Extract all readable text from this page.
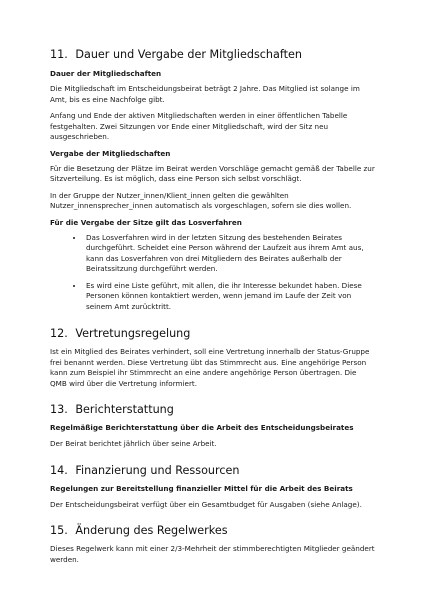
11. Dauer und Vergabe der Mitgliedschaften

Dauer der Mitgliedschaften

Die Mitgliedschaft im Entscheidungsbeirat beträgt 2 Jahre. Das Mitglied ist solange im Amt, bis es eine Nachfolge gibt.

Anfang und Ende der aktiven Mitgliedschaften werden in einer öffentlichen Tabelle festgehalten. Zwei Sitzungen vor Ende einer Mitgliedschaft, wird der Sitz neu ausgeschrieben.

Vergabe der Mitgliedschaften

Für die Besetzung der Plätze im Beirat werden Vorschläge gemacht gemäß der Tabelle zur Sitzverteilung. Es ist möglich, dass eine Person sich selbst vorschlägt.

In der Gruppe der Nutzer_innen/Klient_innen gelten die gewählten Nutzer_innensprecher_innen automatisch als vorgeschlagen, sofern sie dies wollen.

Für die Vergabe der Sitze gilt das Losverfahren

• Das Losverfahren wird in der letzten Sitzung des bestehenden Beirates durchgeführt. Scheidet eine Person während der Laufzeit aus ihrem Amt aus, kann das Losverfahren von drei Mitgliedern des Beirates außerhalb der Beiratssitzung durchgeführt werden.
• Es wird eine Liste geführt, mit allen, die ihr Interesse bekundet haben. Diese Personen können kontaktiert werden, wenn jemand im Laufe der Zeit von seinem Amt zurücktritt.
12. Vertretungsregelung

Ist ein Mitglied des Beirates verhindert, soll eine Vertretung innerhalb der Status-Gruppe frei benannt werden. Diese Vertretung übt das Stimmrecht aus. Eine angehörige Person kann zum Beispiel ihr Stimmrecht an eine andere angehörige Person übertragen. Die QMB wird über die Vertretung informiert.

13. Berichterstattung

Regelmäßige Berichterstattung über die Arbeit des Entscheidungsbeirates

Der Beirat berichtet jährlich über seine Arbeit.

14. Finanzierung und Ressourcen

Regelungen zur Bereitstellung finanzieller Mittel für die Arbeit des Beirats

Der Entscheidungsbeirat verfügt über ein Gesamtbudget für Ausgaben (siehe Anlage).

15. Änderung des Regelwerkes

Dieses Regelwerk kann mit einer 2/3-Mehrheit der stimmberechtigten Mitglieder geändert werden.
